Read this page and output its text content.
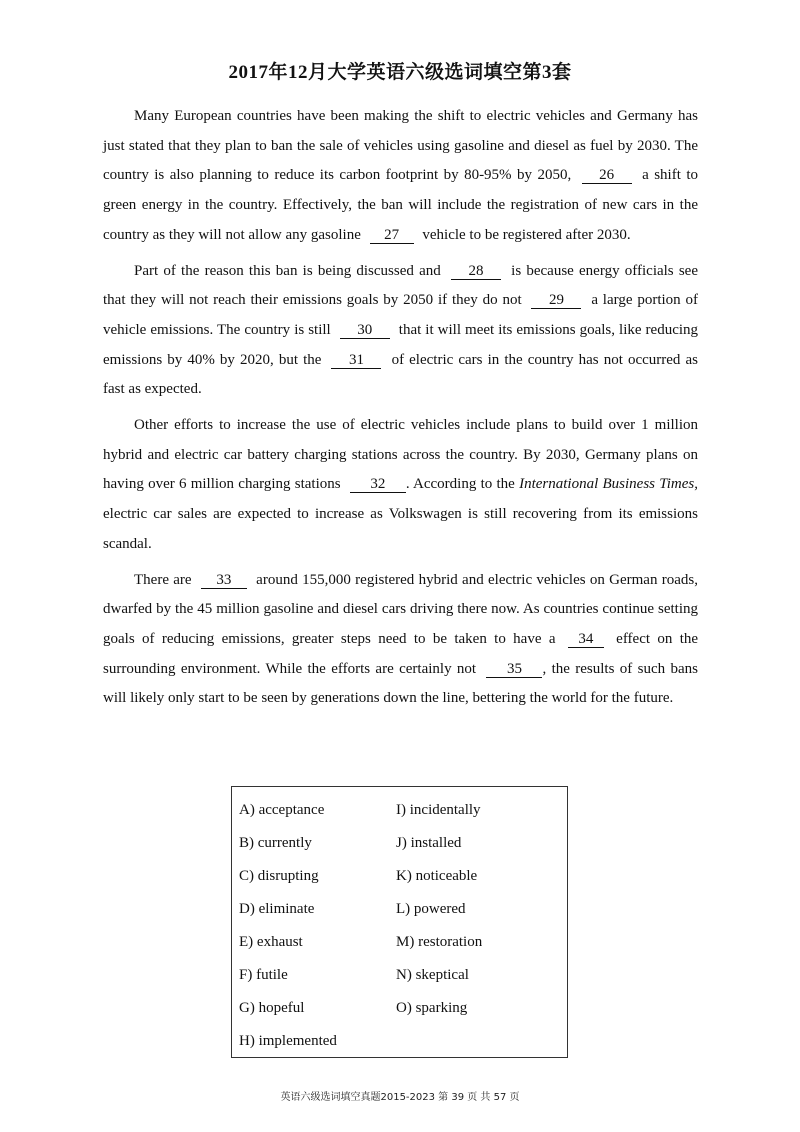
2017年12月大学英语六级选词填空第3套

Many European countries have been making the shift to electric vehicles and Germany has just stated that they plan to ban the sale of vehicles using gasoline and diesel as fuel by 2030. The country is also planning to reduce its carbon footprint by 80-95% by 2050, 26 a shift to green energy in the country. Effectively, the ban will include the registration of new cars in the country as they will not allow any gasoline 27 vehicle to be registered after 2030.

Part of the reason this ban is being discussed and 28 is because energy officials see that they will not reach their emissions goals by 2050 if they do not 29 a large portion of vehicle emissions. The country is still 30 that it will meet its emissions goals, like reducing emissions by 40% by 2020, but the 31 of electric cars in the country has not occurred as fast as expected.

Other efforts to increase the use of electric vehicles include plans to build over 1 million hybrid and electric car battery charging stations across the country. By 2030, Germany plans on having over 6 million charging stations 32 . According to the International Business Times, electric car sales are expected to increase as Volkswagen is still recovering from its emissions scandal.

There are 33 around 155,000 registered hybrid and electric vehicles on German roads, dwarfed by the 45 million gasoline and diesel cars driving there now. As countries continue setting goals of reducing emissions, greater steps need to be taken to have a 34 effect on the surrounding environment. While the efforts are certainly not 35 , the results of such bans will likely only start to be seen by generations down the line, bettering the world for the future.

A) acceptance
B) currently
C) disrupting
D) eliminate
E) exhaust
F) futile
G) hopeful
H) implemented
I) incidentally
J) installed
K) noticeable
L) powered
M) restoration
N) skeptical
O) sparking
英语六级选词填空真题2015-2023 第 39 页 共 57 页
